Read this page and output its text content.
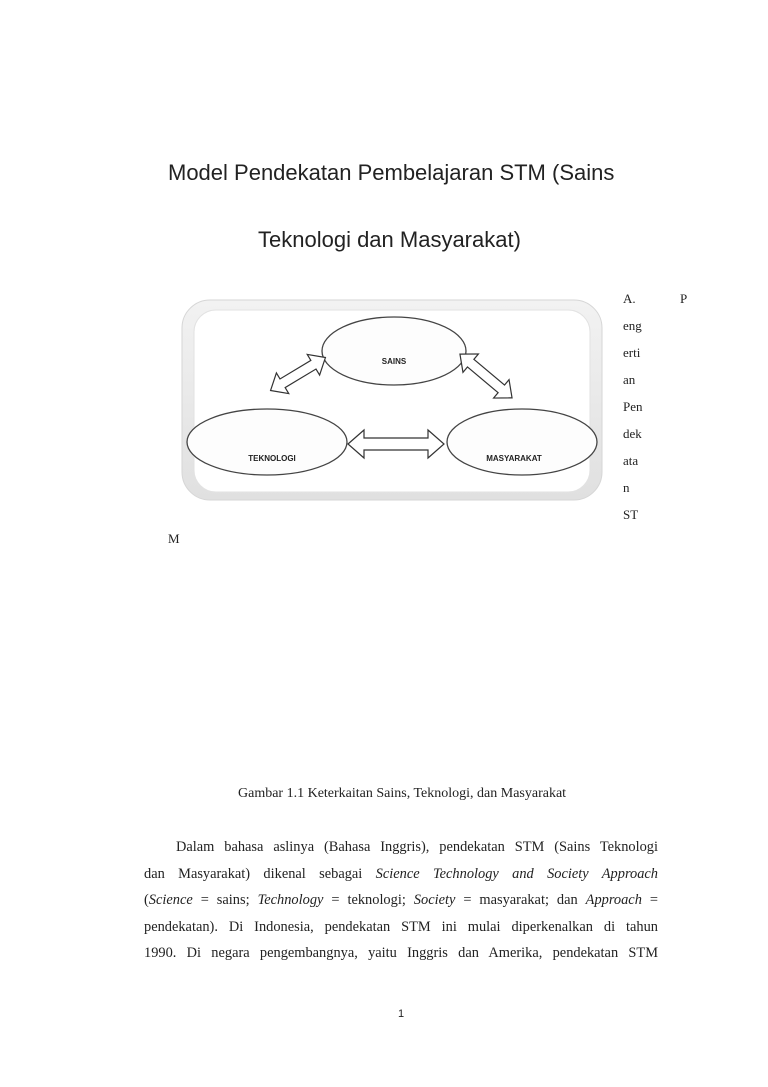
Model Pendekatan Pembelajaran STM (Sains
Teknologi dan Masyarakat)
A.	P
eng
erti
an
Pen
dek
ata
n
ST
M
SAINS
TEKNOLOGI	MASYARAKAT
Gambar 1.1 Keterkaitan Sains, Teknologi, dan Masyarakat
Dalam bahasa aslinya (Bahasa Inggris), pendekatan STM (Sains Teknologi
dan Masyarakat) dikenal sebagai Science Technology and Society Approach
(Science = sains; Technology = teknologi; Society = masyarakat; dan Approach =
pendekatan). Di Indonesia, pendekatan STM ini mulai diperkenalkan di tahun
1990. Di negara pengembangnya, yaitu Inggris dan Amerika, pendekatan STM
1
